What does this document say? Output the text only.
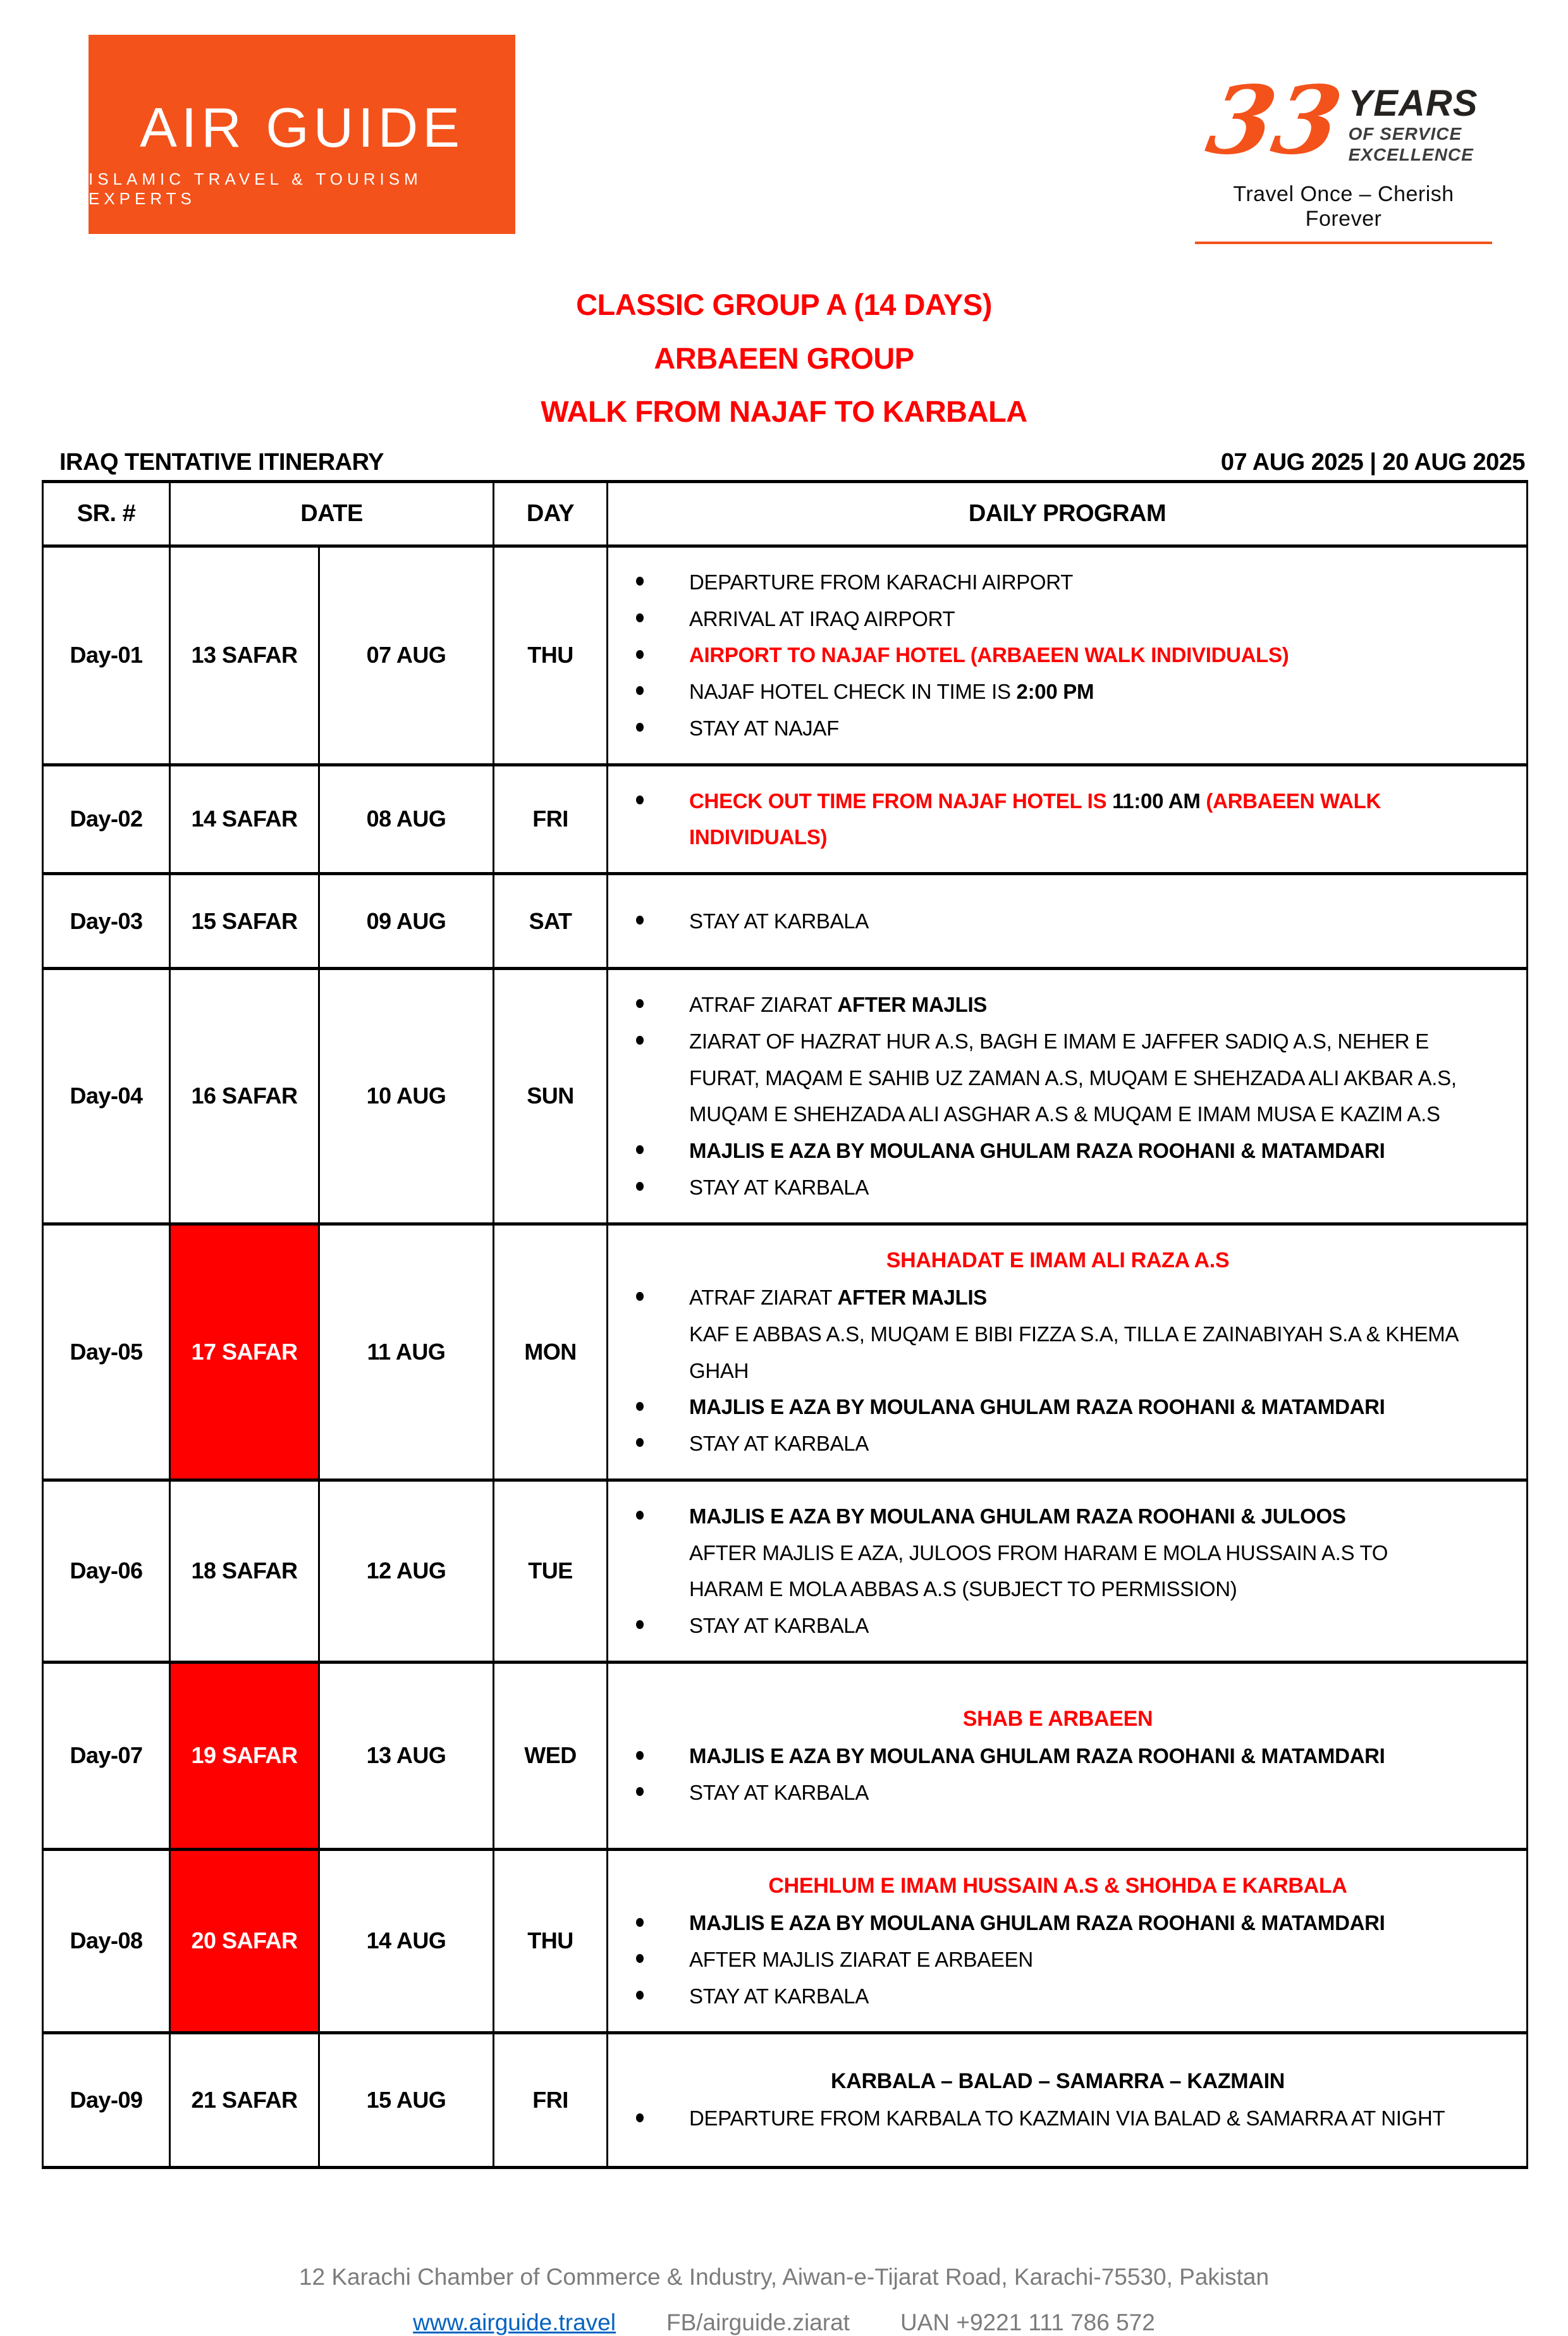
AIR GUIDE
ISLAMIC TRAVEL & TOURISM EXPERTS
33
YEARS
OF SERVICE
EXCELLENCE
Travel Once – Cherish Forever
CLASSIC GROUP A (14 DAYS)
ARBAEEN GROUP
WALK FROM NAJAF TO KARBALA
IRAQ TENTATIVE ITINERARY	07 AUG 2025 | 20 AUG 2025
SR. #	DATE		DAY	DAILY PROGRAM
Day-01	13 SAFAR	07 AUG	THU	
DEPARTURE FROM KARACHI AIRPORT
ARRIVAL AT IRAQ AIRPORT
AIRPORT TO NAJAF HOTEL (ARBAEEN WALK INDIVIDUALS)
NAJAF HOTEL CHECK IN TIME IS 2:00 PM
STAY AT NAJAF

Day-02	14 SAFAR	08 AUG	FRI	
CHECK OUT TIME FROM NAJAF HOTEL IS 11:00 AM (ARBAEEN WALK INDIVIDUALS)

Day-03	15 SAFAR	09 AUG	SAT	STAY AT KARBALA

Day-04	16 SAFAR	10 AUG	SUN	
ATRAF ZIARAT AFTER MAJLIS
ZIARAT OF HAZRAT HUR A.S, BAGH E IMAM E JAFFER SADIQ A.S, NEHER E FURAT, MAQAM E SAHIB UZ ZAMAN A.S, MUQAM E SHEHZADA ALI AKBAR A.S, MUQAM E SHEHZADA ALI ASGHAR A.S & MUQAM E IMAM MUSA E KAZIM A.S
MAJLIS E AZA BY MOULANA GHULAM RAZA ROOHANI & MATAMDARI
STAY AT KARBALA

Day-05	17 SAFAR	11 AUG	MON	
SHAHADAT E IMAM ALI RAZA A.S
ATRAF ZIARAT AFTER MAJLIS
KAF E ABBAS A.S, MUQAM E BIBI FIZZA S.A, TILLA E ZAINABIYAH S.A & KHEMA GHAH
MAJLIS E AZA BY MOULANA GHULAM RAZA ROOHANI & MATAMDARI
STAY AT KARBALA

Day-06	18 SAFAR	12 AUG	TUE	
MAJLIS E AZA BY MOULANA GHULAM RAZA ROOHANI & JULOOS
AFTER MAJLIS E AZA, JULOOS FROM HARAM E MOLA HUSSAIN A.S TO HARAM E MOLA ABBAS A.S (SUBJECT TO PERMISSION)
STAY AT KARBALA

Day-07	19 SAFAR	13 AUG	WED	
SHAB E ARBAEEN
MAJLIS E AZA BY MOULANA GHULAM RAZA ROOHANI & MATAMDARI
STAY AT KARBALA

Day-08	20 SAFAR	14 AUG	THU	
CHEHLUM E IMAM HUSSAIN A.S & SHOHDA E KARBALA
MAJLIS E AZA BY MOULANA GHULAM RAZA ROOHANI & MATAMDARI
AFTER MAJLIS ZIARAT E ARBAEEN
STAY AT KARBALA

Day-09	21 SAFAR	15 AUG	FRI	
KARBALA – BALAD – SAMARRA – KAZMAIN
DEPARTURE FROM KARBALA TO KAZMAIN VIA BALAD & SAMARRA AT NIGHT
12 Karachi Chamber of Commerce & Industry, Aiwan-e-Tijarat Road, Karachi-75530, Pakistan
www.airguide.travel FB/airguide.ziarat UAN +9221 111 786 572
